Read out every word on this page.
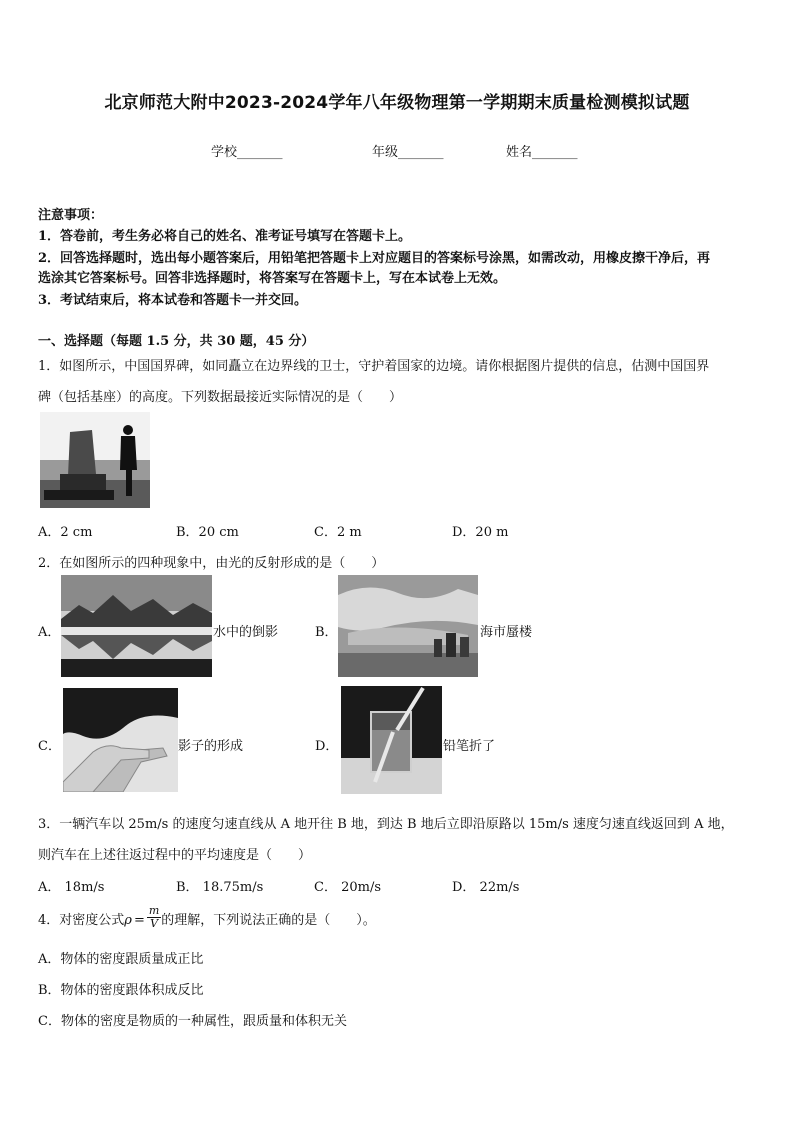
北京师范大附中2023-2024学年八年级物理第一学期期末质量检测模拟试题
学校_______	年级_______	姓名_______
注意事项：
1．答卷前，考生务必将自己的姓名、准考证号填写在答题卡上。
2．回答选择题时，选出每小题答案后，用铅笔把答题卡上对应题目的答案标号涂黑，如需改动，用橡皮擦干净后，再
选涂其它答案标号。回答非选择题时，将答案写在答题卡上，写在本试卷上无效。
3．考试结束后，将本试卷和答题卡一并交回。
一、选择题（每题 1.5 分，共 30 题，45 分）
1．如图所示，中国国界碑，如同矗立在边界线的卫士，守护着国家的边境。请你根据图片提供的信息，估测中国国界
碑（包括基座）的高度。下列数据最接近实际情况的是（　　）
A．2 cm	B．20 cm	C．2 m	D．20 m
2．在如图所示的四种现象中，由光的反射形成的是（　　）
A．	水中的倒影	B．	海市蜃楼
C．	影子的形成	D．	铅笔折了
3．一辆汽车以 25m/s 的速度匀速直线从 A 地开往 B 地，到达 B 地后立即沿原路以 15m/s 速度匀速直线返回到 A 地，
则汽车在上述往返过程中的平均速度是（　　）
A． 18m/s	B． 18.75m/s	C． 20m/s	D． 22m/s
4．对密度公式$\rho = \frac{m}{V}$ 的理解，下列说法正确的是（　　）。
A．物体的密度跟质量成正比
B．物体的密度跟体积成反比
C．物体的密度是物质的一种属性，跟质量和体积无关
